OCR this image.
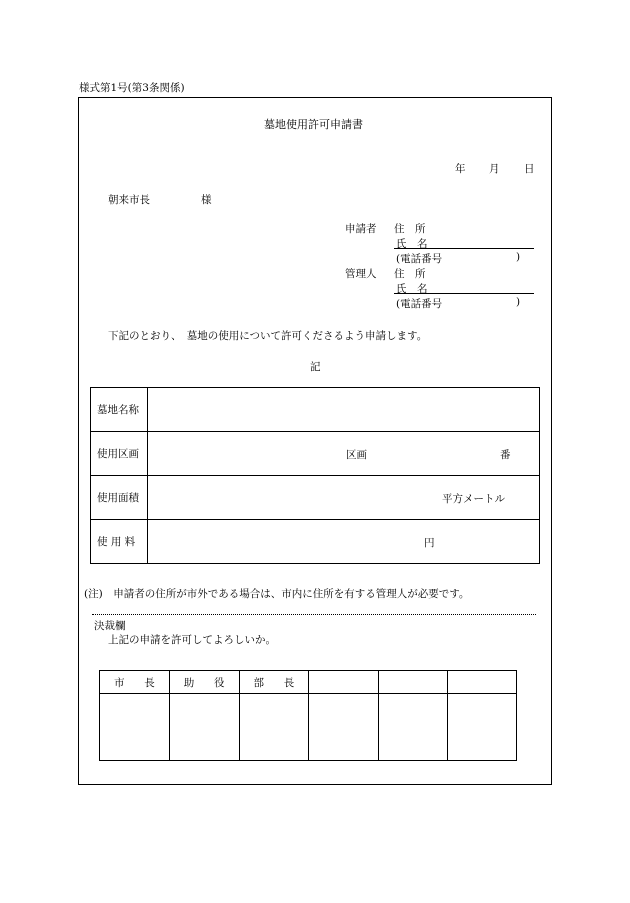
様式第1号(第3条関係)
墓地使用許可申請書
年 月 日
朝来市長	様
申請者 住　所
氏　名
(電話番号	)
管理人 住　所
氏　名
(電話番号	)
下記のとおり、　墓地の使用について許可くださるよう申請します。
記
墓地名称	
使用区画	区画 番

使用面積	平方メートル

使 用 料	円
(注)　申請者の住所が市外である場合は、市内に住所を有する管理人が必要です。
決裁欄
上記の申請を許可してよろしいか。
市 長	助 役	部 長			
